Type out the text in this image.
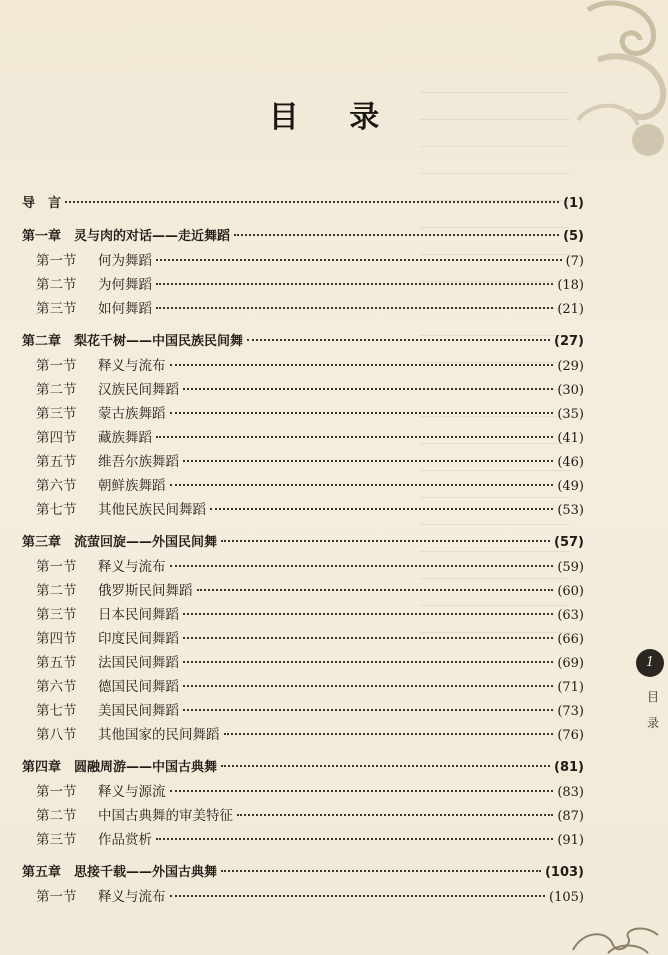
目 录
导　言	(1)
第一章　灵与肉的对话——走近舞蹈	(5)
第一节 何为舞蹈	(7)
第二节 为何舞蹈	(18)
第三节 如何舞蹈	(21)
第二章　梨花千树——中国民族民间舞	(27)
第一节 释义与流布	(29)
第二节 汉族民间舞蹈	(30)
第三节 蒙古族舞蹈	(35)
第四节 藏族舞蹈	(41)
第五节 维吾尔族舞蹈	(46)
第六节 朝鲜族舞蹈	(49)
第七节 其他民族民间舞蹈	(53)
第三章　流萤回旋——外国民间舞	(57)
第一节 释义与流布	(59)
第二节 俄罗斯民间舞蹈	(60)
第三节 日本民间舞蹈	(63)
第四节 印度民间舞蹈	(66)
第五节 法国民间舞蹈	(69)
第六节 德国民间舞蹈	(71)
第七节 美国民间舞蹈	(73)
第八节 其他国家的民间舞蹈	(76)
第四章　圆融周游——中国古典舞	(81)
第一节 释义与源流	(83)
第二节 中国古典舞的审美特征	(87)
第三节 作品赏析	(91)
第五章　思接千载——外国古典舞	(103)
第一节 释义与流布	(105)
1
目录
